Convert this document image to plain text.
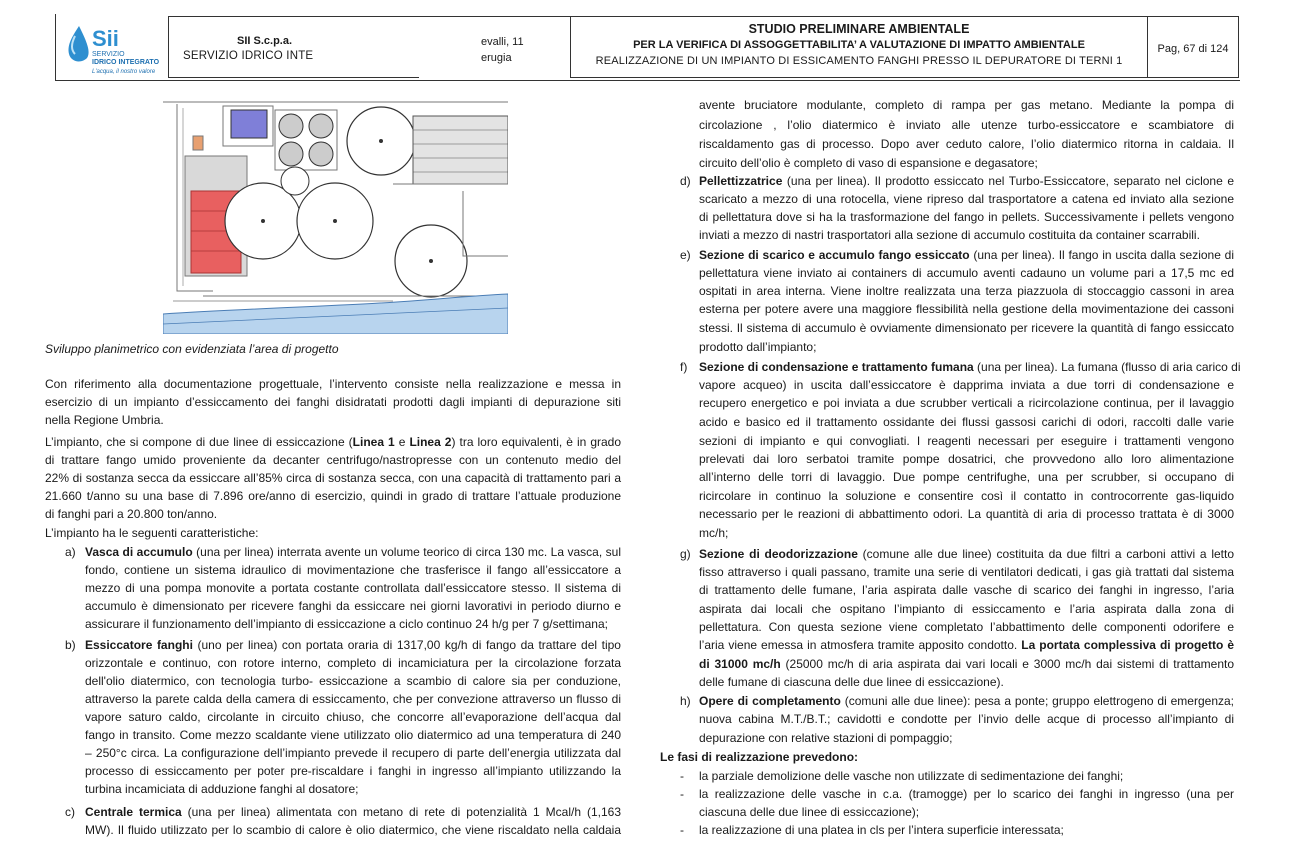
Sii
SERVIZIO
IDRICO INTEGRATO
L'acqua, il nostro valore
SII S.c.p.a.
SERVIZIO IDRICO INTE
evalli, 11
erugia
STUDIO PRELIMINARE AMBIENTALE
PER LA VERIFICA DI ASSOGGETTABILITA’ A VALUTAZIONE DI IMPATTO AMBIENTALE
REALIZZAZIONE DI UN IMPIANTO DI ESSICAMENTO FANGHI PRESSO IL DEPURATORE DI TERNI 1
Pag, 67 di 124
Sviluppo planimetrico con evidenziata l’area di progetto
Con riferimento alla documentazione progettuale, l’intervento consiste nella realizzazione e messa in
esercizio di un impianto d’essiccamento dei fanghi disidratati prodotti dagli impianti di depurazione siti
nella Regione Umbria.
L’impianto, che si compone di due linee di essiccazione (Linea 1 e Linea 2) tra loro equivalenti, è in grado
di trattare fango umido proveniente da decanter centrifugo/nastropresse con un contenuto medio del
22% di sostanza secca da essiccare all’85% circa di sostanza secca, con una capacità di trattamento pari a
21.660 t/anno su una base di 7.896 ore/anno di esercizio, quindi in grado di trattare l’attuale produzione
di fanghi pari a 20.800 ton/anno.
L’impianto ha le seguenti caratteristiche:
a) Vasca di accumulo (una per linea) interrata avente un volume teorico di circa 130 mc. La vasca, sul
fondo, contiene un sistema idraulico di movimentazione che trasferisce il fango all’essiccatore a
mezzo di una pompa monovite a portata costante controllata dall’essiccatore stesso. Il sistema di
accumulo è dimensionato per ricevere fanghi da essiccare nei giorni lavorativi in periodo diurno e
assicurare il funzionamento dell’impianto di essiccazione a ciclo continuo 24 h/g per 7 g/settimana;
b) Essiccatore fanghi (uno per linea) con portata oraria di 1317,00 kg/h di fango da trattare del tipo
orizzontale e continuo, con rotore interno, completo di incamiciatura per la circolazione forzata
dell'olio diatermico, con tecnologia turbo- essiccazione a scambio di calore sia per conduzione,
attraverso la parete calda della camera di essiccamento, che per convezione attraverso un flusso di
vapore saturo caldo, circolante in circuito chiuso, che concorre all’evaporazione dell’acqua dal
fango in transito. Come mezzo scaldante viene utilizzato olio diatermico ad una temperatura di 240
– 250°c circa. La configurazione dell’impianto prevede il recupero di parte dell’energia utilizzata dal
processo di essiccamento per poter pre-riscaldare i fanghi in ingresso all’impianto utilizzando la
turbina incamiciata di adduzione fanghi al dosatore;
c) Centrale termica (una per linea) alimentata con metano di rete di potenzialità 1 Mcal/h (1,163
MW). Il fluido utilizzato per lo scambio di calore è olio diatermico, che viene riscaldato nella caldaia
avente bruciatore modulante, completo di rampa per gas metano. Mediante la pompa di
circolazione , l’olio diatermico è inviato alle utenze turbo-essiccatore e scambiatore di
riscaldamento gas di processo. Dopo aver ceduto calore, l’olio diatermico ritorna in caldaia. Il
circuito dell’olio è completo di vaso di espansione e degasatore;
d) Pellettizzatrice (una per linea). Il prodotto essiccato nel Turbo-Essiccatore, separato nel ciclone e
scaricato a mezzo di una rotocella, viene ripreso dal trasportatore a catena ed inviato alla sezione
di pellettatura dove si ha la trasformazione del fango in pellets. Successivamente i pellets vengono
inviati a mezzo di nastri trasportatori alla sezione di accumulo costituita da container scarrabili.
e) Sezione di scarico e accumulo fango essiccato (una per linea). Il fango in uscita dalla sezione di
pellettatura viene inviato ai containers di accumulo aventi cadauno un volume pari a 17,5 mc ed
ospitati in area interna. Viene inoltre realizzata una terza piazzuola di stoccaggio cassoni in area
esterna per potere avere una maggiore flessibilità nella gestione della movimentazione dei cassoni
stessi. Il sistema di accumulo è ovviamente dimensionato per ricevere la quantità di fango essiccato
prodotto dall’impianto;
f) Sezione di condensazione e trattamento fumana (una per linea). La fumana (flusso di aria carico di
vapore acqueo) in uscita dall’essiccatore è dapprima inviata a due torri di condensazione e
recupero energetico e poi inviata a due scrubber verticali a ricircolazione continua, per il lavaggio
acido e basico ed il trattamento ossidante dei flussi gassosi carichi di odori, raccolti dalle varie
sezioni di impianto e qui convogliati. I reagenti necessari per eseguire i trattamenti vengono
prelevati dai loro serbatoi tramite pompe dosatrici, che provvedono allo loro alimentazione
all’interno delle torri di lavaggio. Due pompe centrifughe, una per scrubber, si occupano di
ricircolare in continuo la soluzione e consentire così il contatto in controcorrente gas-liquido
necessario per le reazioni di abbattimento odori. La quantità di aria di processo trattata è di 3000
mc/h;
g) Sezione di deodorizzazione (comune alle due linee) costituita da due filtri a carboni attivi a letto
fisso attraverso i quali passano, tramite una serie di ventilatori dedicati, i gas già trattati dal sistema
di trattamento delle fumane, l’aria aspirata dalle vasche di scarico dei fanghi in ingresso, l’aria
aspirata dai locali che ospitano l’impianto di essiccamento e l’aria aspirata dalla zona di
pellettatura. Con questa sezione viene completato l’abbattimento delle componenti odorifere e
l’aria viene emessa in atmosfera tramite apposito condotto. La portata complessiva di progetto è
di 31000 mc/h (25000 mc/h di aria aspirata dai vari locali e 3000 mc/h dai sistemi di trattamento
delle fumane di ciascuna delle due linee di essiccazione).
h) Opere di completamento (comuni alle due linee): pesa a ponte; gruppo elettrogeno di emergenza;
nuova cabina M.T./B.T.; cavidotti e condotte per l’invio delle acque di processo all’impianto di
depurazione con relative stazioni di pompaggio;
Le fasi di realizzazione prevedono:
- la parziale demolizione delle vasche non utilizzate di sedimentazione dei fanghi;
- la realizzazione delle vasche in c.a. (tramogge) per lo scarico dei fanghi in ingresso (una per
ciascuna delle due linee di essiccazione);
- la realizzazione di una platea in cls per l’intera superficie interessata;
